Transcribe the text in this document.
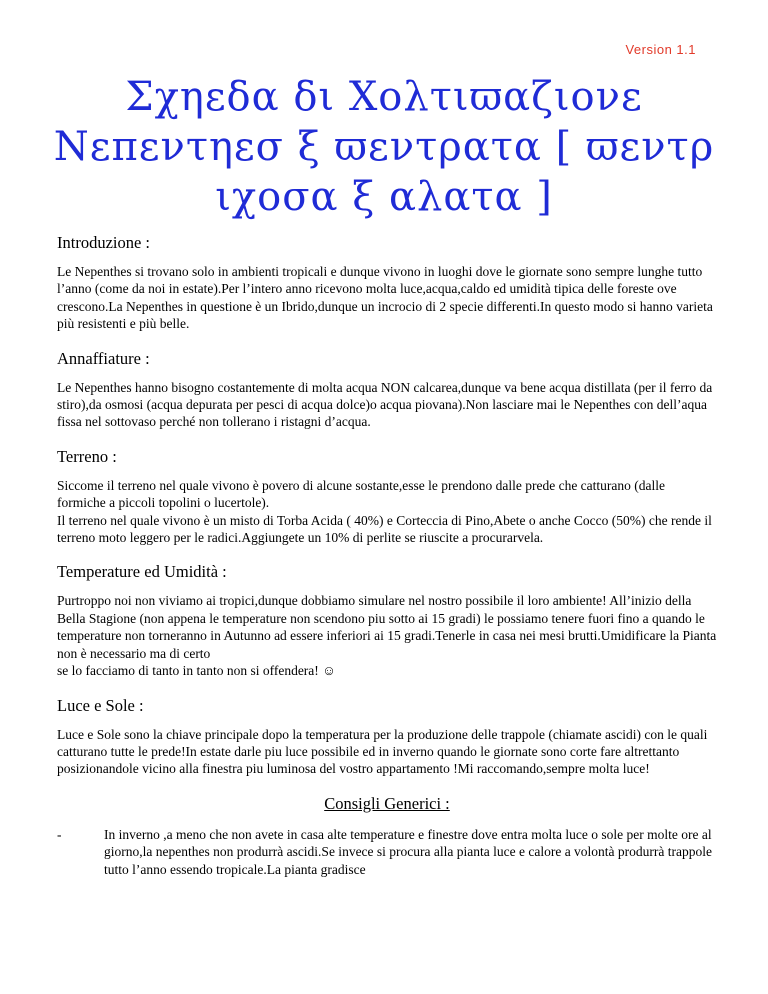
Version 1.1
Σχηεδα δι Χολτιϖαζιονε Νεπεντηεσ ξ ϖεντρατα [ ϖεντρ ιχοσα ξ αλατα ]
Introduzione :

Le Nepenthes si trovano solo in ambienti tropicali e dunque vivono in luoghi dove le giornate sono sempre lunghe tutto l’anno (come da noi in estate).Per l’intero anno ricevono molta luce,acqua,caldo ed umidità tipica delle foreste ove crescono.La Nepenthes in questione è un Ibrido,dunque un incrocio di 2 specie differenti.In questo modo si hanno varieta più resistenti e più belle.

Annaffiature :

Le Nepenthes hanno bisogno costantemente di molta acqua NON calcarea,dunque va bene acqua distillata (per il ferro da stiro),da osmosi (acqua depurata per pesci di acqua dolce)o acqua piovana).Non lasciare mai le Nepenthes con dell’aqua fissa nel sottovaso perché non tollerano i ristagni d’acqua.

Terreno :

Siccome il terreno nel quale vivono è povero di alcune sostante,esse le prendono dalle prede che catturano (dalle formiche a piccoli topolini o lucertole).

Il terreno nel quale vivono è un misto di Torba Acida ( 40%) e Corteccia di Pino,Abete o anche Cocco (50%) che rende il terreno moto leggero per le radici.Aggiungete un 10% di perlite se riuscite a procurarvela.

Temperature ed Umidità :

Purtroppo noi non viviamo ai tropici,dunque dobbiamo simulare nel nostro possibile il loro ambiente! All’inizio della Bella Stagione (non appena le temperature non scendono piu sotto ai 15 gradi) le possiamo tenere fuori fino a quando le temperature non torneranno in Autunno ad essere inferiori ai 15 gradi.Tenerle in casa nei mesi brutti.Umidificare la Pianta non è necessario ma di certo

se lo facciamo di tanto in tanto non si offendera! ☺

Luce e Sole :

Luce e Sole sono la chiave principale dopo la temperatura per la produzione delle trappole (chiamate ascidi) con le quali catturano tutte le prede!In estate darle piu luce possibile ed in inverno quando le giornate sono corte fare altrettanto posizionandole vicino alla finestra piu luminosa del vostro appartamento !Mi raccomando,sempre molta luce!

Consigli Generici :
-	In inverno ,a meno che non avete in casa alte temperature e finestre dove entra molta luce o sole per molte ore al giorno,la nepenthes non produrrà ascidi.Se invece si procura alla pianta luce e calore a volontà produrrà trappole tutto l’anno essendo tropicale.La pianta gradisce
